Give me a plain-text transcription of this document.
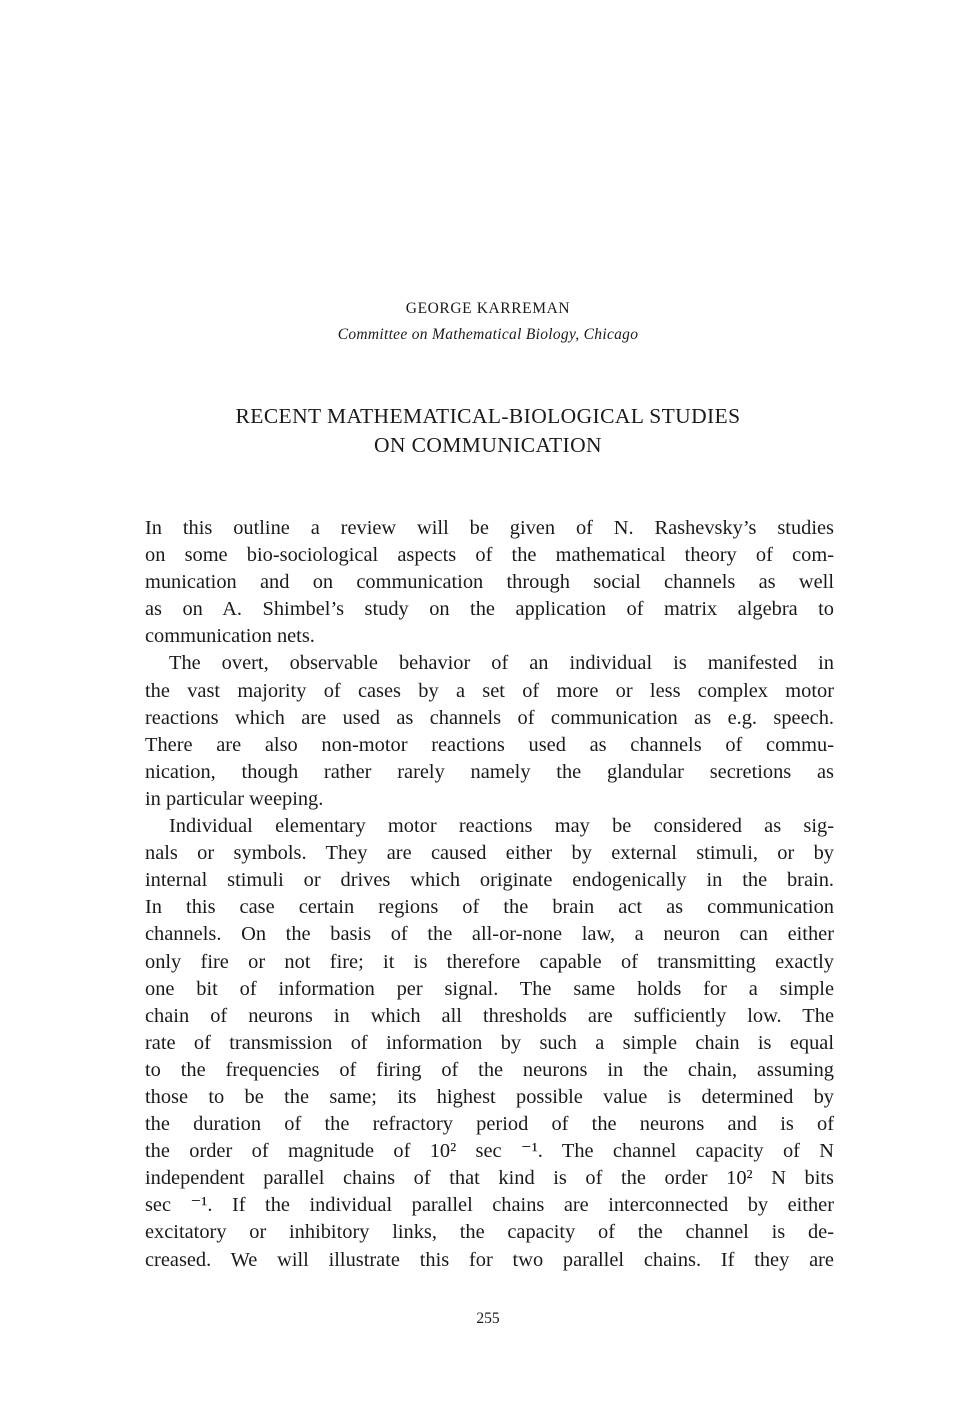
GEORGE KARREMAN
Committee on Mathematical Biology, Chicago
RECENT MATHEMATICAL-BIOLOGICAL STUDIES
ON COMMUNICATION
In this outline a review will be given of N. Rashevsky’s studies
on some bio-sociological aspects of the mathematical theory of com-
munication and on communication through social channels as well
as on A. Shimbel’s study on the application of matrix algebra to
communication nets.
The overt, observable behavior of an individual is manifested in
the vast majority of cases by a set of more or less complex motor
reactions which are used as channels of communication as e.g. speech.
There are also non-motor reactions used as channels of commu-
nication, though rather rarely namely the glandular secretions as
in particular weeping.
Individual elementary motor reactions may be considered as sig-
nals or symbols. They are caused either by external stimuli, or by
internal stimuli or drives which originate endogenically in the brain.
In this case certain regions of the brain act as communication
channels. On the basis of the all-or-none law, a neuron can either
only fire or not fire; it is therefore capable of transmitting exactly
one bit of information per signal. The same holds for a simple
chain of neurons in which all thresholds are sufficiently low. The
rate of transmission of information by such a simple chain is equal
to the frequencies of firing of the neurons in the chain, assuming
those to be the same; its highest possible value is determined by
the duration of the refractory period of the neurons and is of
the order of magnitude of 10² sec ⁻¹. The channel capacity of N
independent parallel chains of that kind is of the order 10² N bits
sec ⁻¹. If the individual parallel chains are interconnected by either
excitatory or inhibitory links, the capacity of the channel is de-
creased. We will illustrate this for two parallel chains. If they are
255
